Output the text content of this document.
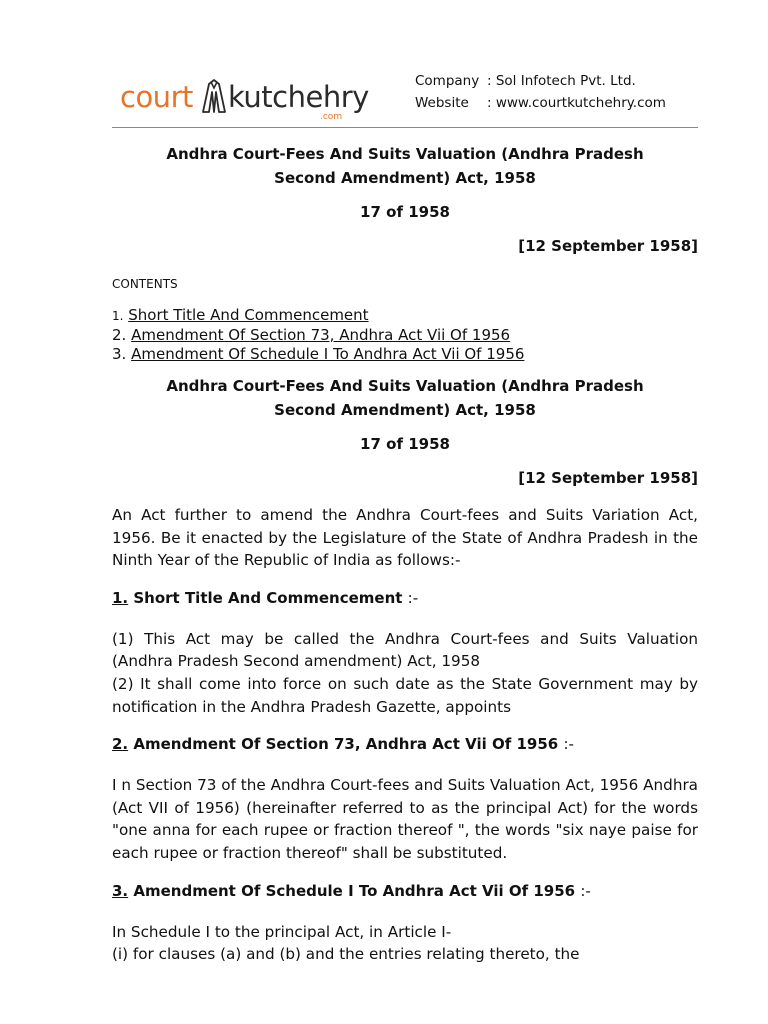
court kutchehry
.com
Company : Sol Infotech Pvt. Ltd.
Website : www.courtkutchehry.com
Andhra Court-Fees And Suits Valuation (Andhra Pradesh
Second Amendment) Act, 1958
17 of 1958
[12 September 1958]
CONTENTS
1. Short Title And Commencement
2. Amendment Of Section 73, Andhra Act Vii Of 1956
3. Amendment Of Schedule I To Andhra Act Vii Of 1956
Andhra Court-Fees And Suits Valuation (Andhra Pradesh
Second Amendment) Act, 1958
17 of 1958
[12 September 1958]
An Act further to amend the Andhra Court-fees and Suits Variation Act, 1956. Be it enacted by the Legislature of the State of Andhra Pradesh in the Ninth Year of the Republic of India as follows:-
1. Short Title And Commencement :-
(1) This Act may be called the Andhra Court-fees and Suits Valuation (Andhra Pradesh Second amendment) Act, 1958
(2) It shall come into force on such date as the State Government may by notification in the Andhra Pradesh Gazette, appoints
2. Amendment Of Section 73, Andhra Act Vii Of 1956 :-
I n Section 73 of the Andhra Court-fees and Suits Valuation Act, 1956 Andhra (Act VII of 1956) (hereinafter referred to as the principal Act) for the words "one anna for each rupee or fraction thereof ", the words "six naye paise for each rupee or fraction thereof" shall be substituted.
3. Amendment Of Schedule I To Andhra Act Vii Of 1956 :-
In Schedule I to the principal Act, in Article I-
(i) for clauses (a) and (b) and the entries relating thereto, the
